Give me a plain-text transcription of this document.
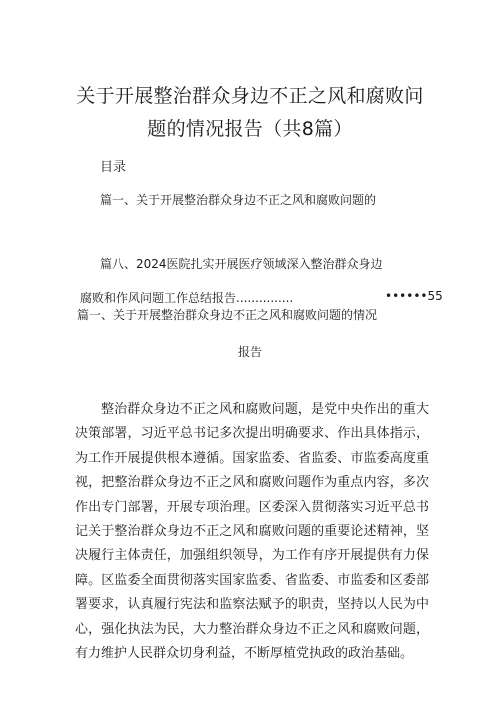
关于开展整治群众身边不正之风和腐败问
题的情况报告（共8篇）
目录
篇一、关于开展整治群众身边不正之风和腐败问题的
篇八、2024医院扎实开展医疗领域深入整治群众身边
腐败和作风问题工作总结报告...............	••••••55
篇一、关于开展整治群众身边不正之风和腐败问题的情况
报告

整治群众身边不正之风和腐败问题，是党中央作出的重大决策部署，习近平总书记多次提出明确要求、作出具体指示，为工作开展提供根本遵循。国家监委、省监委、市监委高度重视，把整治群众身边不正之风和腐败问题作为重点内容，多次作出专门部署，开展专项治理。区委深入贯彻落实习近平总书记关于整治群众身边不正之风和腐败问题的重要论述精神，坚决履行主体责任，加强组织领导，为工作有序开展提供有力保障。区监委全面贯彻落实国家监委、省监委、市监委和区委部署要求，认真履行宪法和监察法赋予的职责，坚持以人民为中心，强化执法为民，大力整治群众身边不正之风和腐败问题，有力维护人民群众切身利益，不断厚植党执政的政治基础。
